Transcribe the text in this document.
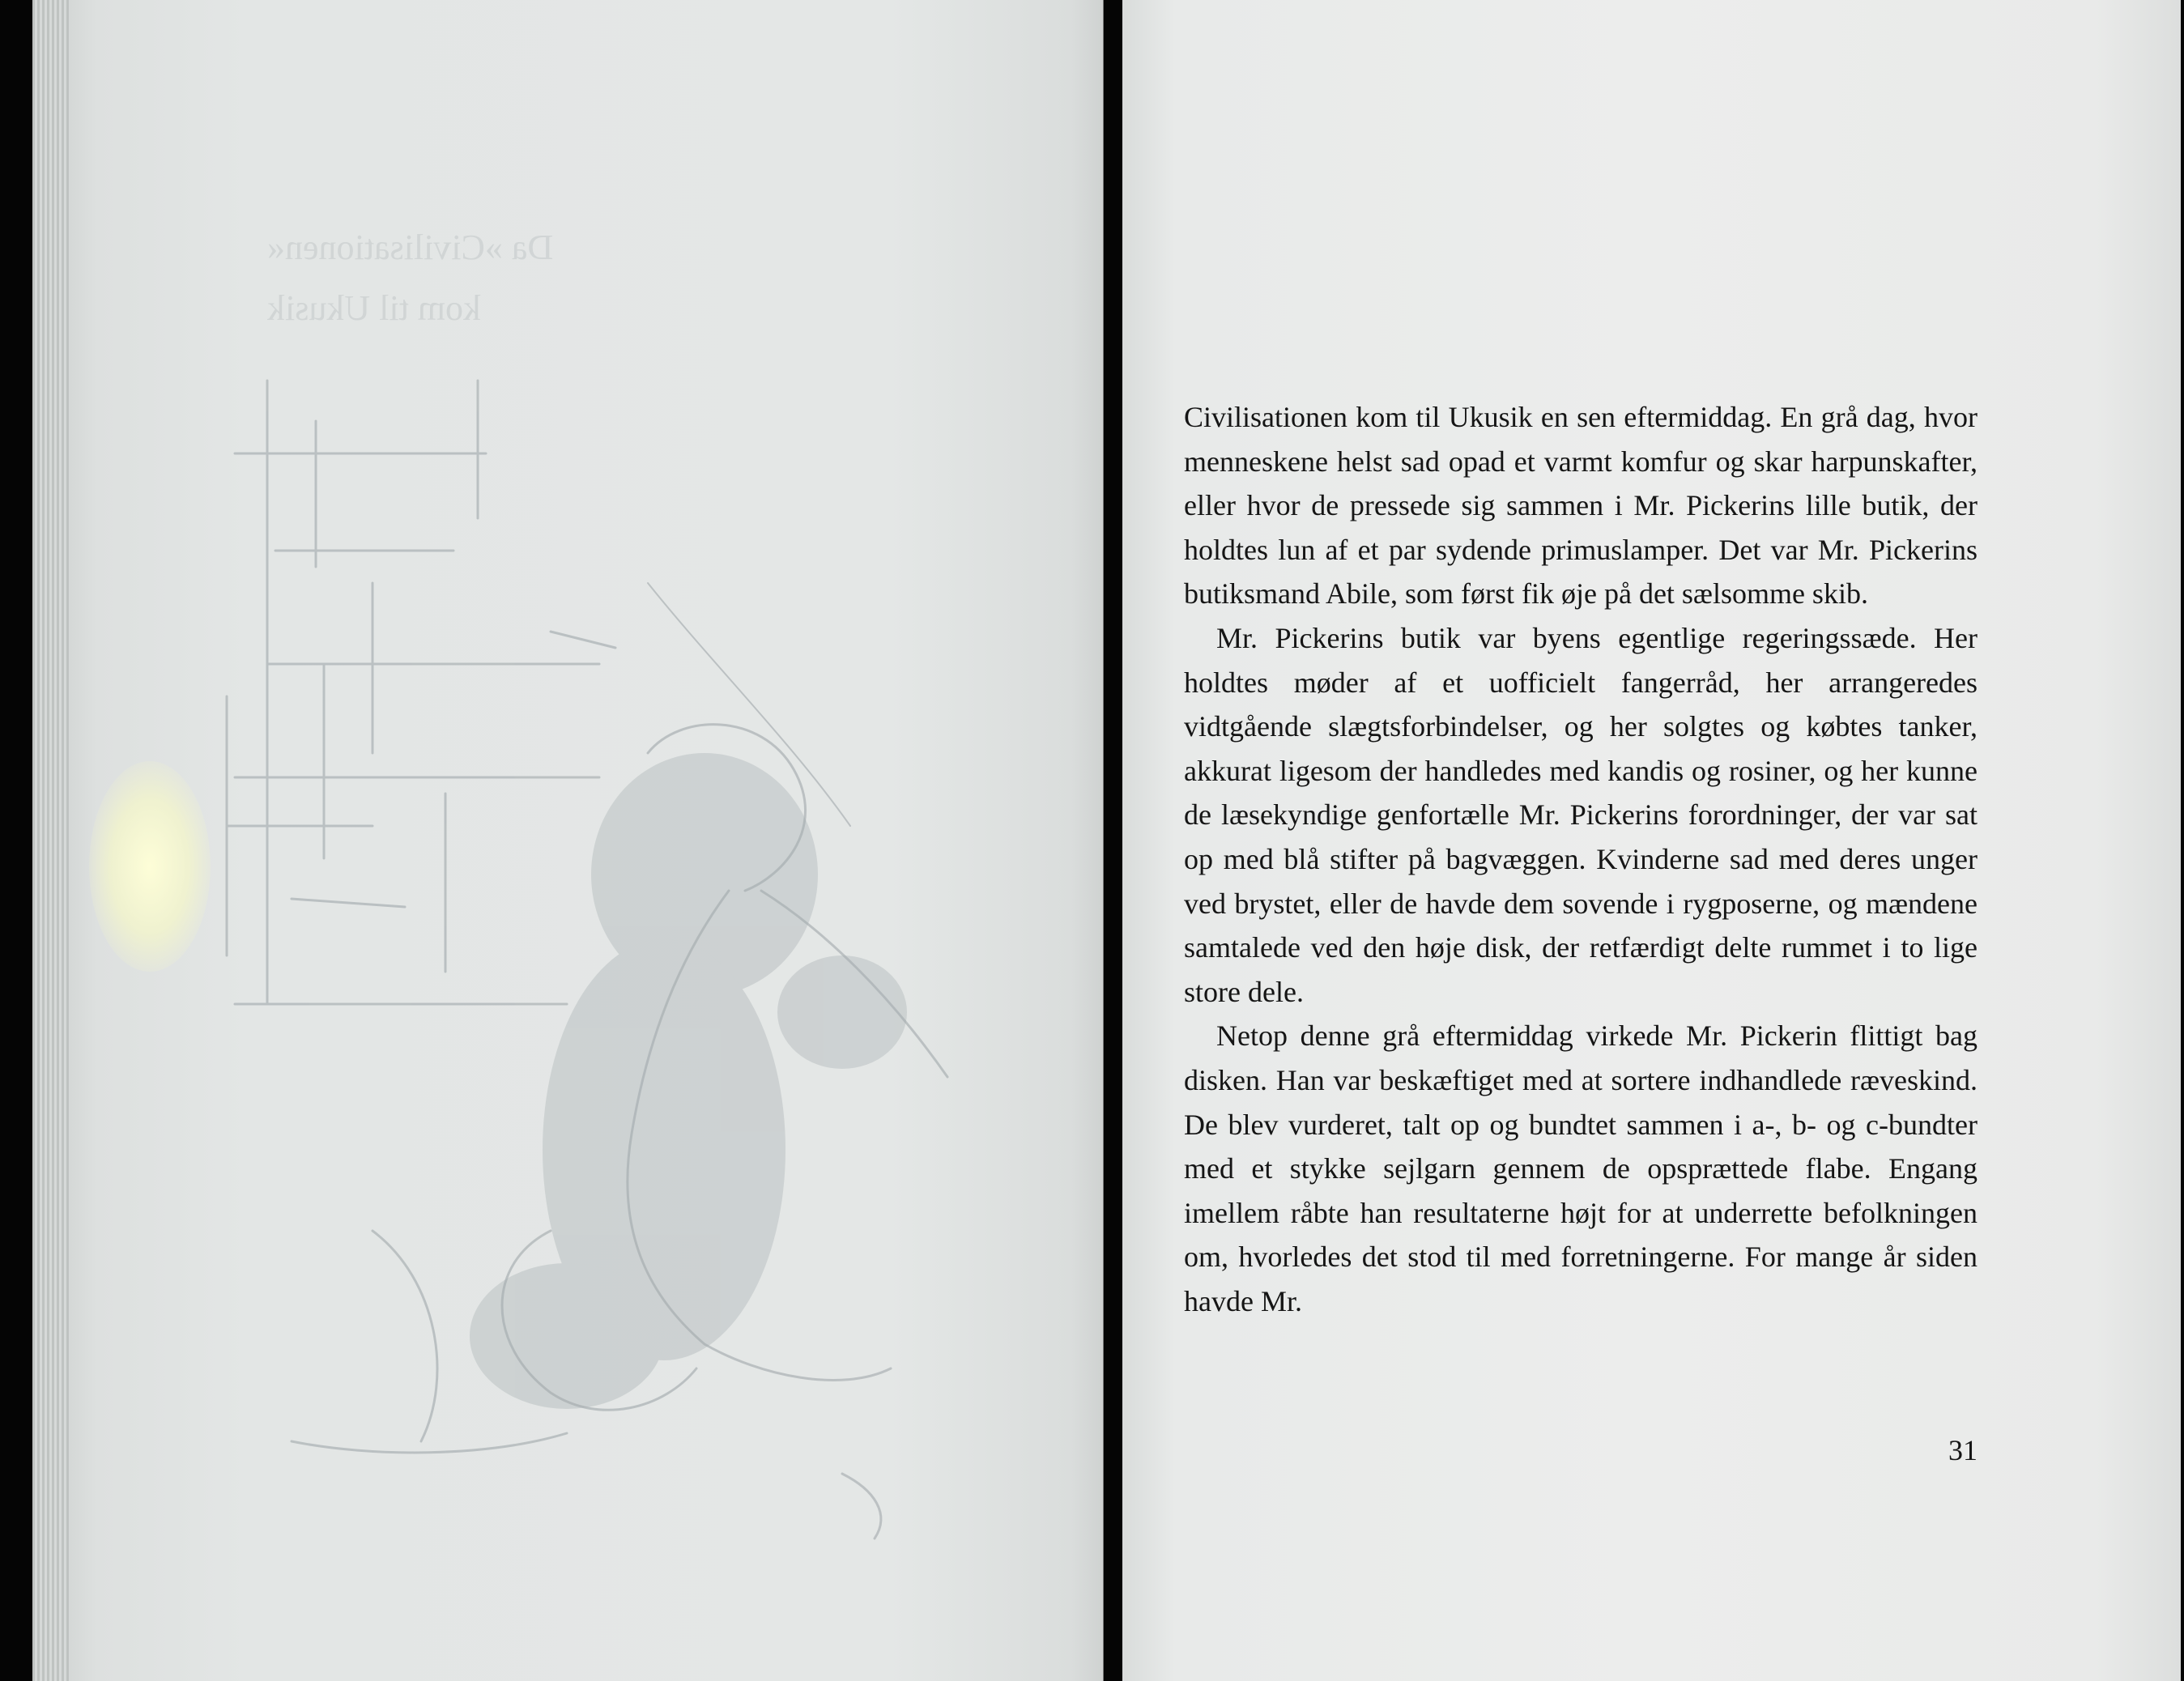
Da »Civilisationen«
kom til Ukusik

Civilisationen kom til Ukusik en sen eftermiddag. En grå dag, hvor menneskene helst sad opad et varmt komfur og skar harpunskafter, eller hvor de pressede sig sammen i Mr. Pickerins lille butik, der holdtes lun af et par sydende primuslamper. Det var Mr. Pickerins butiksmand Abile, som først fik øje på det sælsomme skib.

Mr. Pickerins butik var byens egentlige regeringssæde. Her holdtes møder af et uofficielt fangerråd, her arrangeredes vidtgående slægtsforbindelser, og her solgtes og købtes tanker, akkurat ligesom der handledes med kandis og rosiner, og her kunne de læsekyndige genfortælle Mr. Pickerins forordninger, der var sat op med blå stifter på bagvæggen. Kvinderne sad med deres unger ved brystet, eller de havde dem sovende i rygposerne, og mændene samtalede ved den høje disk, der retfærdigt delte rummet i to lige store dele.

Netop denne grå eftermiddag virkede Mr. Pickerin flittigt bag disken. Han var beskæftiget med at sortere indhandlede ræveskind. De blev vurderet, talt op og bundtet sammen i a-, b- og c-bundter med et stykke sejlgarn gennem de opsprættede flabe. Engang imellem råbte han resultaterne højt for at underrette befolkningen om, hvorledes det stod til med forretningerne. For mange år siden havde Mr.

31
